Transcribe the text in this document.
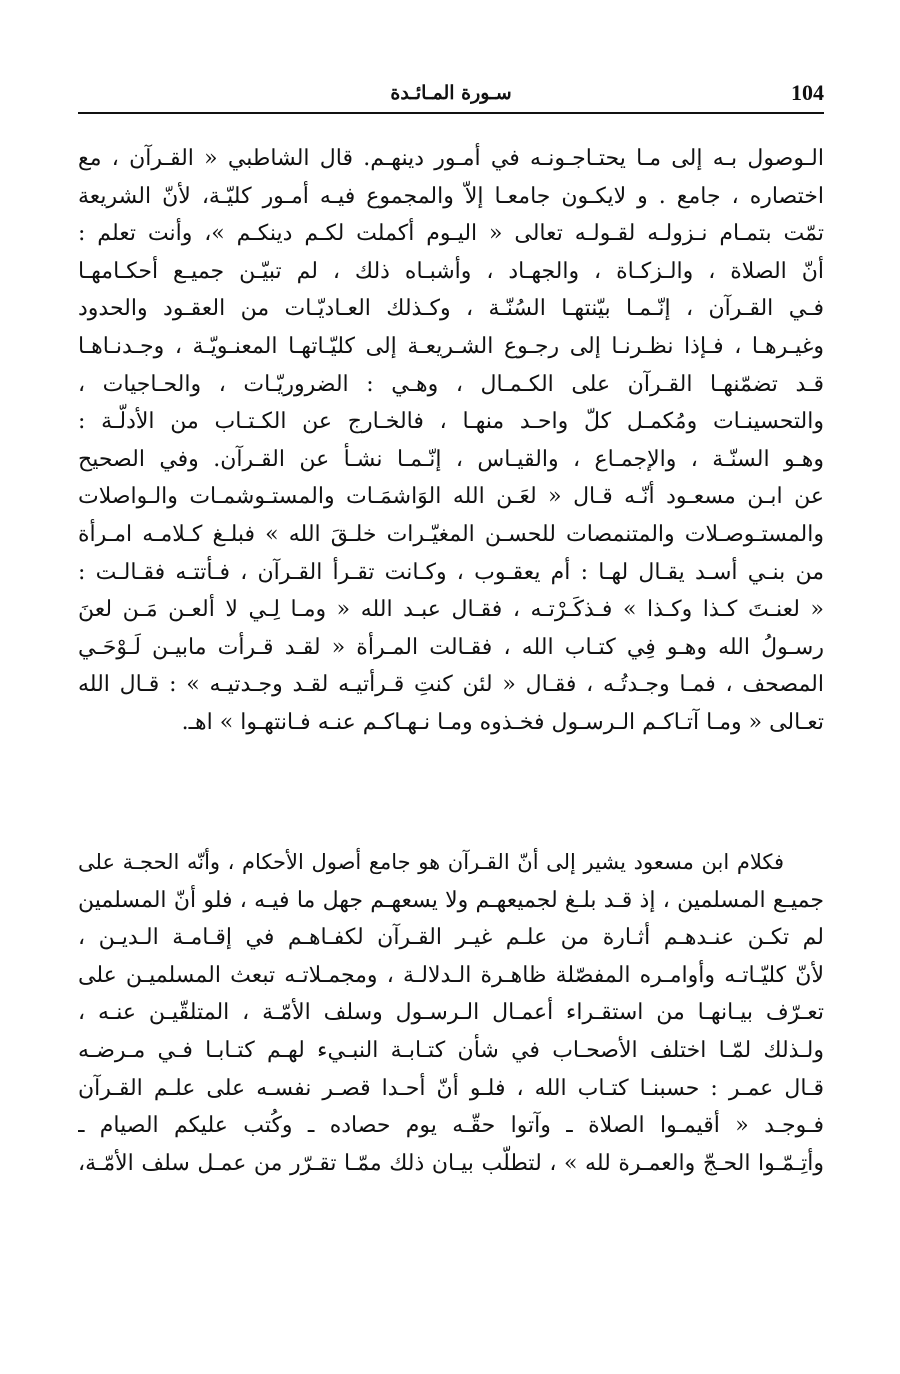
104
سـورة المـائـدة
الـوصول بـه إلى مـا يحتـاجـونـه في أمـور دينهـم. قال الشاطبي « القـرآن ، مع
اختصاره ، جامع . و لايكـون جامعـا إلاّ والمجموع فيـه أمـور كليّـة، لأنّ الشريعة
تمّت بتمـام نـزولـه لقـولـه تعالى « اليـوم أكملت لكـم دينكـم »، وأنت تعلم :
أنّ الصلاة ، والـزكـاة ، والجهـاد ، وأشبـاه ذلك ، لم تبيّـن جميـع أحكـامهـا
فـي القـرآن ، إنّـمـا بيّنتهـا السُنّـة ، وكـذلك العـاديّـات من العقـود والحدود
وغيـرهـا ، فـإذا نظـرنـا إلى رجـوع الشـريعـة إلى كليّـاتهـا المعنـويّـة ، وجـدنـاهـا
قـد تضمّنهـا القـرآن على الكـمـال ، وهـي : الضروريّـات ، والحـاجيات ،
والتحسينـات ومُكمـل كلّ واحـد منهـا ، فالخـارج عن الكـتـاب من الأدلّـة :
وهـو السنّـة ، والإجمـاع ، والقيـاس ، إنّـمـا نشـأ عن القـرآن. وفي الصحيح
عن ابـن مسعـود أنّـه قـال « لعَـن الله الوَاشمَـات والمستـوشمـات والـواصلات
والمستـوصـلات والمتنمصات للحسـن المغيّـرات خلـقَ الله » فبلـغ كـلامـه امـرأة
من بنـي أسـد يقـال لهـا : أم يعقـوب ، وكـانت تقـرأ القـرآن ، فـأتتـه فقـالـت :
« لعنـتَ كـذا وكـذا » فـذكَـرْتـه ، فقـال عبـد الله « ومـا لِـي لا ألعـن مَـن لعنَ
رسـولُ الله وهـو فِي كتـاب الله ، فقـالت المـرأة « لقـد قـرأت مابيـن لَـوْحَـي
المصحف ، فمـا وجـدتُـه ، فقـال « لئن كنتِ قـرأتيـه لقـد وجـدتيـه » : قـال الله
تعـالى « ومـا آتـاكـم الـرسـول فخـذوه ومـا نـهـاكـم عنـه فـانتهـوا » اهـ.
فكلام ابن مسعود يشير إلى أنّ القـرآن هو جامع أصول الأحكام ، وأنّه الحجـة على
جميـع المسلمين ، إذ قـد بلـغ لجميعهـم ولا يسعهـم جهل ما فيـه ، فلو أنّ المسلمين
لم تكـن عنـدهـم أثـارة من علـم غيـر القـرآن لكفـاهـم في إقـامـة الـديـن ،
لأنّ كليّـاتـه وأوامـره المفصّلة ظاهـرة الـدلالـة ، ومجمـلاتـه تبعث المسلميـن على
تعـرّف بيـانهـا من استقـراء أعمـال الـرسـول وسلف الأمّـة ، المتلقّيـن عنـه ،
ولـذلك لمّـا اختلف الأصحـاب في شأن كتـابـة النبـيء لهـم كتـابـا فـي مـرضـه
قـال عمـر : حسبنـا كتـاب الله ، فلـو أنّ أحـدا قصـر نفسـه على علـم القـرآن
فـوجـد « أقيمـوا الصلاة ـ وآتوا حقّـه يوم حصاده ـ وكُتب عليكم الصيام ـ
وأتِـمّـوا الحـجّ والعمـرة لله » ، لتطلّب بيـان ذلك ممّـا تقـرّر من عمـل سلف الأمّـة،
